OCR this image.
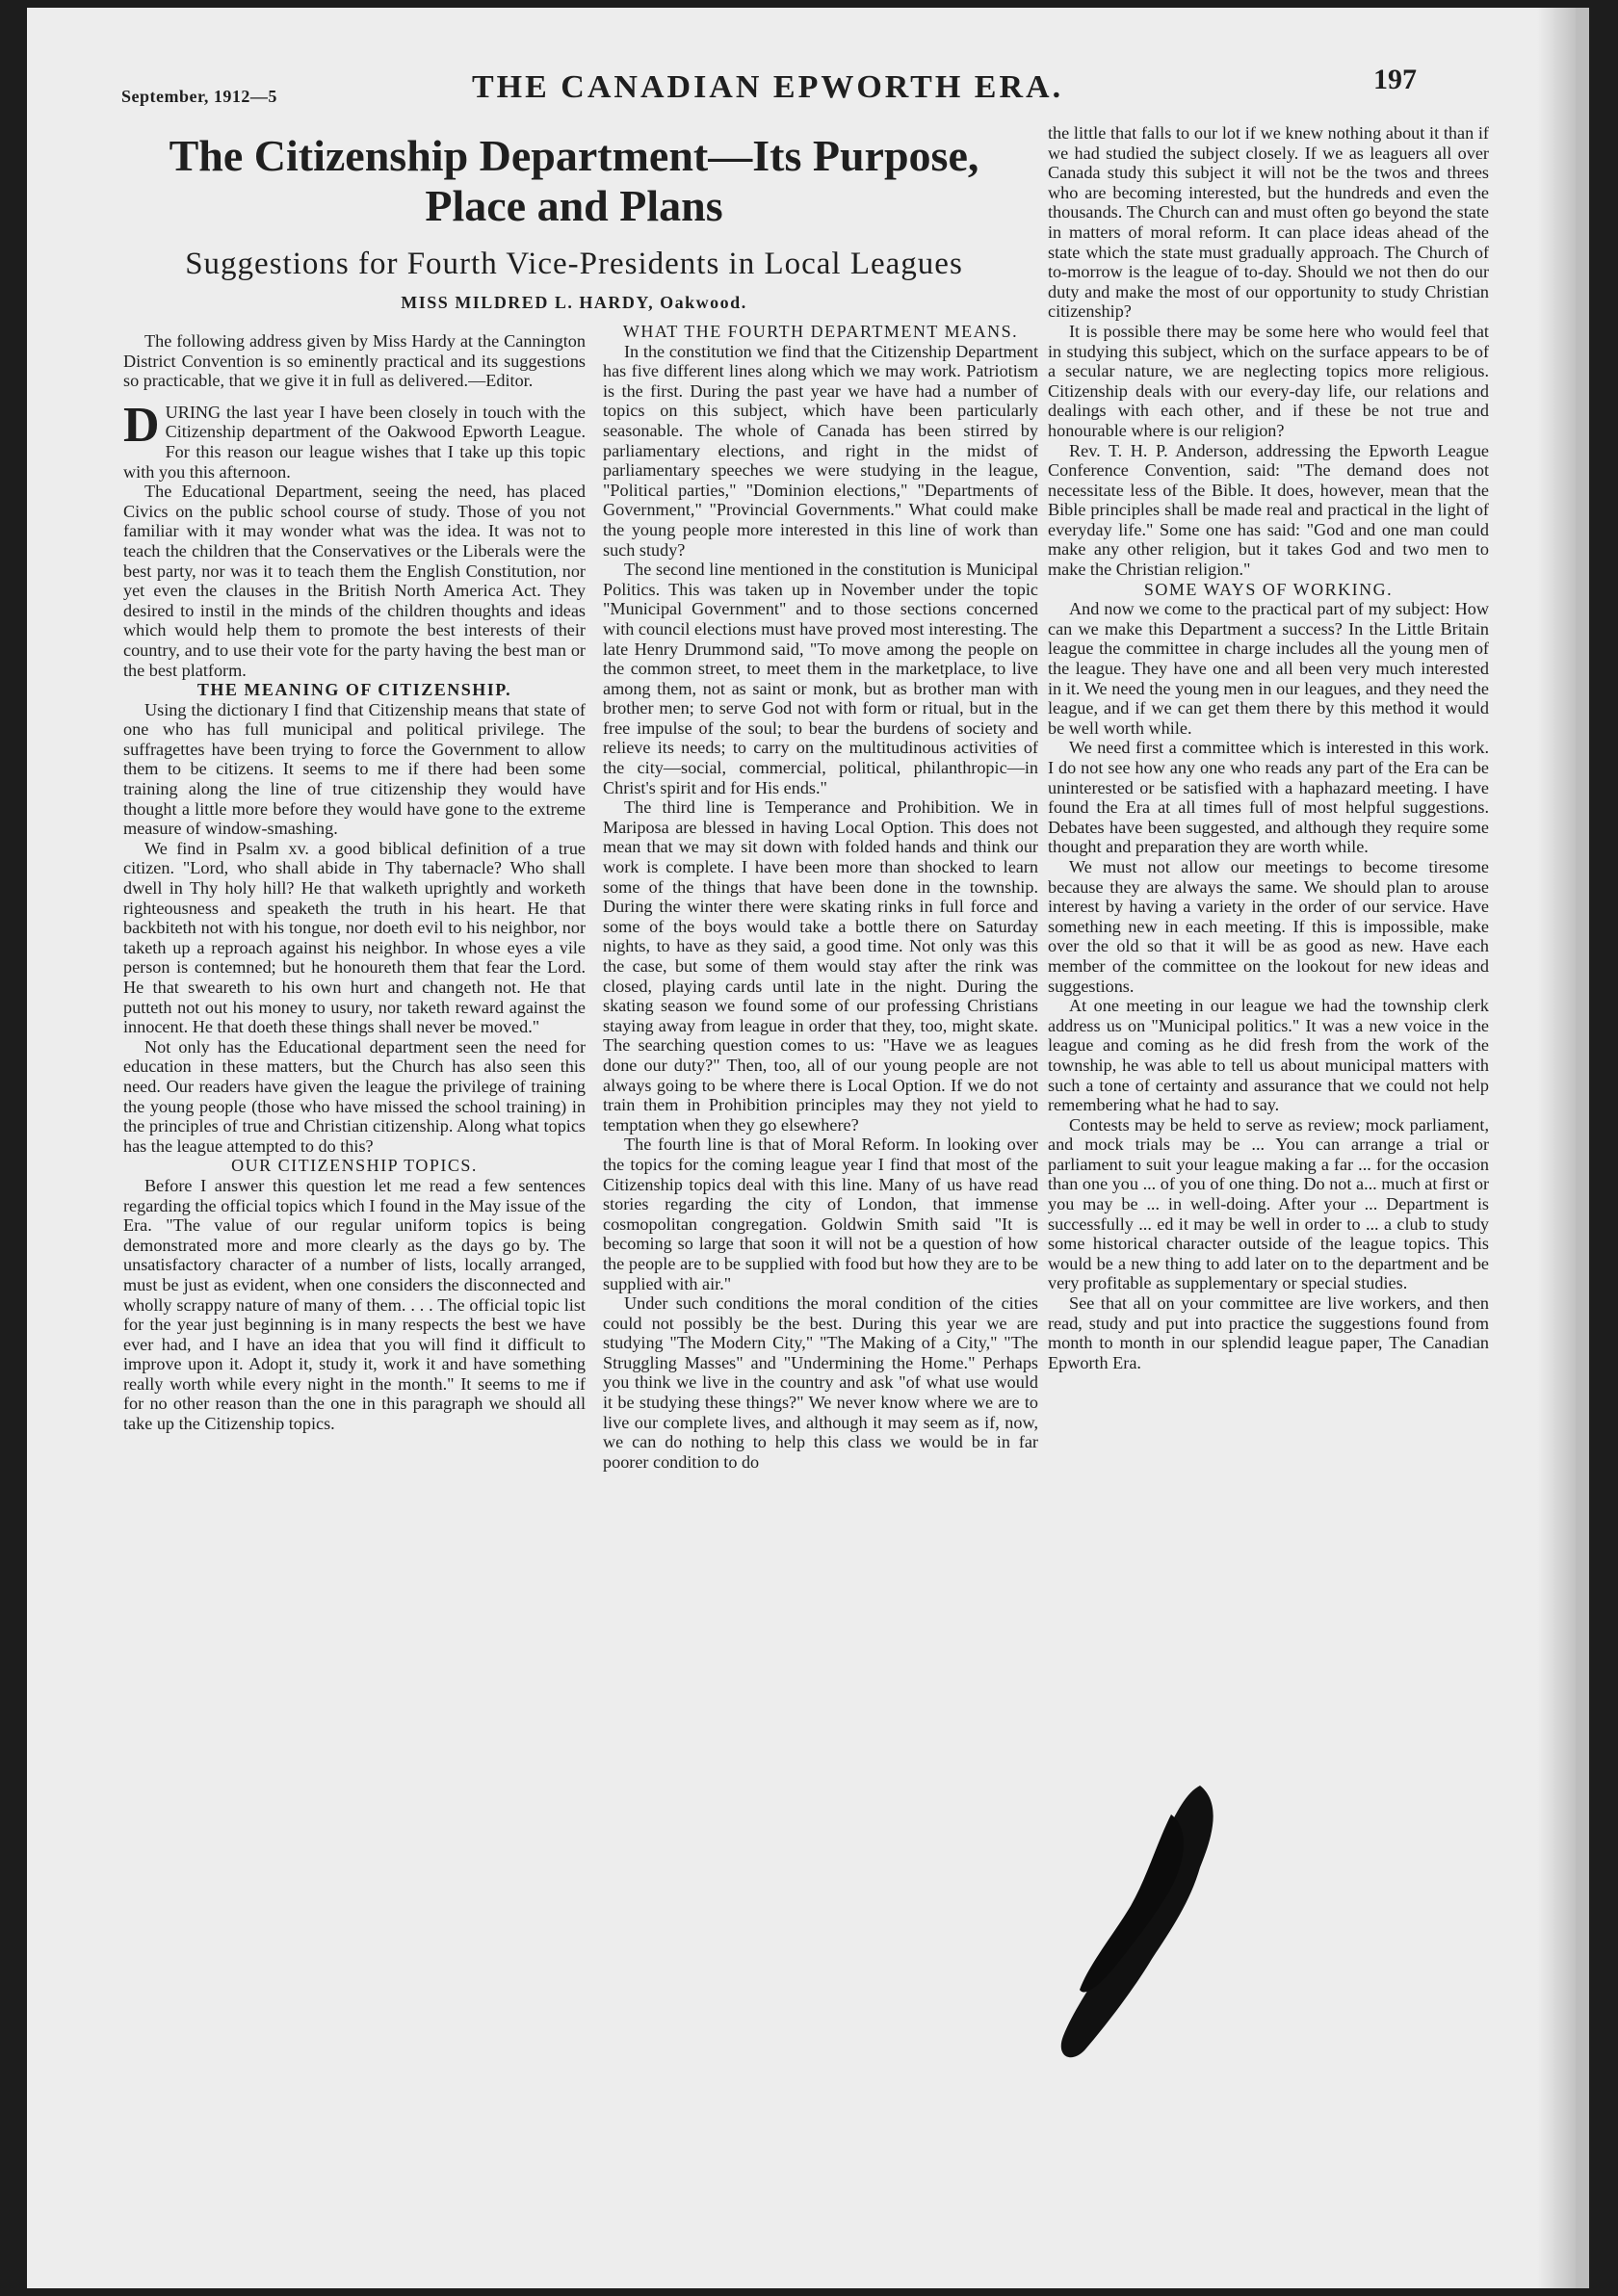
September, 1912—5	THE CANADIAN EPWORTH ERA.	197
The Citizenship Department—Its Purpose,
Place and Plans
Suggestions for Fourth Vice-Presidents in Local Leagues
MISS MILDRED L. HARDY, Oakwood.

The following address given by Miss Hardy at the Cannington District Convention is so eminently practical and its suggestions so practicable, that we give it in full as delivered.—Editor.

DURING the last year I have been closely in touch with the Citizenship department of the Oakwood Epworth League. For this reason our league wishes that I take up this topic with you this afternoon.

The Educational Department, seeing the need, has placed Civics on the public school course of study. Those of you not familiar with it may wonder what was the idea. It was not to teach the children that the Conservatives or the Liberals were the best party, nor was it to teach them the English Constitution, nor yet even the clauses in the British North America Act. They desired to instil in the minds of the children thoughts and ideas which would help them to promote the best interests of their country, and to use their vote for the party having the best man or the best platform.

THE MEANING OF CITIZENSHIP.

Using the dictionary I find that Citizenship means that state of one who has full municipal and political privilege. The suffragettes have been trying to force the Government to allow them to be citizens. It seems to me if there had been some training along the line of true citizenship they would have thought a little more before they would have gone to the extreme measure of window-smashing.

We find in Psalm xv. a good biblical definition of a true citizen. "Lord, who shall abide in Thy tabernacle? Who shall dwell in Thy holy hill? He that walketh uprightly and worketh righteousness and speaketh the truth in his heart. He that backbiteth not with his tongue, nor doeth evil to his neighbor, nor taketh up a reproach against his neighbor. In whose eyes a vile person is contemned; but he honoureth them that fear the Lord. He that sweareth to his own hurt and changeth not. He that putteth not out his money to usury, nor taketh reward against the innocent. He that doeth these things shall never be moved."

Not only has the Educational department seen the need for education in these matters, but the Church has also seen this need. Our readers have given the league the privilege of training the young people (those who have missed the school training) in the principles of true and Christian citizenship. Along what topics has the league attempted to do this?

OUR CITIZENSHIP TOPICS.

Before I answer this question let me read a few sentences regarding the official topics which I found in the May issue of the Era. "The value of our regular uniform topics is being demonstrated more and more clearly as the days go by. The unsatisfactory character of a number of lists, locally arranged, must be just as evident, when one considers the disconnected and wholly scrappy nature of many of them. . . . The official topic list for the year just beginning is in many respects the best we have ever had, and I have an idea that you will find it difficult to improve upon it. Adopt it, study it, work it and have something really worth while every night in the month." It seems to me if for no other reason than the one in this paragraph we should all take up the Citizenship topics.

WHAT THE FOURTH DEPARTMENT MEANS.

In the constitution we find that the Citizenship Department has five different lines along which we may work. Patriotism is the first. During the past year we have had a number of topics on this subject, which have been particularly seasonable. The whole of Canada has been stirred by parliamentary elections, and right in the midst of parliamentary speeches we were studying in the league, "Political parties," "Dominion elections," "Departments of Government," "Provincial Governments." What could make the young people more interested in this line of work than such study?

The second line mentioned in the constitution is Municipal Politics. This was taken up in November under the topic "Municipal Government" and to those sections concerned with council elections must have proved most interesting. The late Henry Drummond said, "To move among the people on the common street, to meet them in the marketplace, to live among them, not as saint or monk, but as brother man with brother men; to serve God not with form or ritual, but in the free impulse of the soul; to bear the burdens of society and relieve its needs; to carry on the multitudinous activities of the city—social, commercial, political, philanthropic—in Christ's spirit and for His ends."

The third line is Temperance and Prohibition. We in Mariposa are blessed in having Local Option. This does not mean that we may sit down with folded hands and think our work is complete. I have been more than shocked to learn some of the things that have been done in the township. During the winter there were skating rinks in full force and some of the boys would take a bottle there on Saturday nights, to have as they said, a good time. Not only was this the case, but some of them would stay after the rink was closed, playing cards until late in the night. During the skating season we found some of our professing Christians staying away from league in order that they, too, might skate. The searching question comes to us: "Have we as leagues done our duty?" Then, too, all of our young people are not always going to be where there is Local Option. If we do not train them in Prohibition principles may they not yield to temptation when they go elsewhere?

The fourth line is that of Moral Reform. In looking over the topics for the coming league year I find that most of the Citizenship topics deal with this line. Many of us have read stories regarding the city of London, that immense cosmopolitan congregation. Goldwin Smith said "It is becoming so large that soon it will not be a question of how the people are to be supplied with food but how they are to be supplied with air."

Under such conditions the moral condition of the cities could not possibly be the best. During this year we are studying "The Modern City," "The Making of a City," "The Struggling Masses" and "Undermining the Home." Perhaps you think we live in the country and ask "of what use would it be studying these things?" We never know where we are to live our complete lives, and although it may seem as if, now, we can do nothing to help this class we would be in far poorer condition to do

the little that falls to our lot if we knew nothing about it than if we had studied the subject closely. If we as leaguers all over Canada study this subject it will not be the twos and threes who are becoming interested, but the hundreds and even the thousands. The Church can and must often go beyond the state in matters of moral reform. It can place ideas ahead of the state which the state must gradually approach. The Church of to-morrow is the league of to-day. Should we not then do our duty and make the most of our opportunity to study Christian citizenship?

It is possible there may be some here who would feel that in studying this subject, which on the surface appears to be of a secular nature, we are neglecting topics more religious. Citizenship deals with our every-day life, our relations and dealings with each other, and if these be not true and honourable where is our religion?

Rev. T. H. P. Anderson, addressing the Epworth League Conference Convention, said: "The demand does not necessitate less of the Bible. It does, however, mean that the Bible principles shall be made real and practical in the light of everyday life." Some one has said: "God and one man could make any other religion, but it takes God and two men to make the Christian religion."

SOME WAYS OF WORKING.

And now we come to the practical part of my subject: How can we make this Department a success? In the Little Britain league the committee in charge includes all the young men of the league. They have one and all been very much interested in it. We need the young men in our leagues, and they need the league, and if we can get them there by this method it would be well worth while.

We need first a committee which is interested in this work. I do not see how any one who reads any part of the Era can be uninterested or be satisfied with a haphazard meeting. I have found the Era at all times full of most helpful suggestions. Debates have been suggested, and although they require some thought and preparation they are worth while.

We must not allow our meetings to become tiresome because they are always the same. We should plan to arouse interest by having a variety in the order of our service. Have something new in each meeting. If this is impossible, make over the old so that it will be as good as new. Have each member of the committee on the lookout for new ideas and suggestions.

At one meeting in our league we had the township clerk address us on "Municipal politics." It was a new voice in the league and coming as he did fresh from the work of the township, he was able to tell us about municipal matters with such a tone of certainty and assurance that we could not help remembering what he had to say.

Contests may be held to serve as review; mock parliament, and mock trials may be ... You can arrange a trial or parliament to suit your league making a far ... for the occasion than one you ... of you of one thing. Do not a... much at first or you may be ... in well-doing. After your ... Department is successfully ... ed it may be well in order to ... a club to study some historical character outside of the league topics. This would be a new thing to add later on to the department and be very profitable as supplementary or special studies.

See that all on your committee are live workers, and then read, study and put into practice the suggestions found from month to month in our splendid league paper, The Canadian Epworth Era.
